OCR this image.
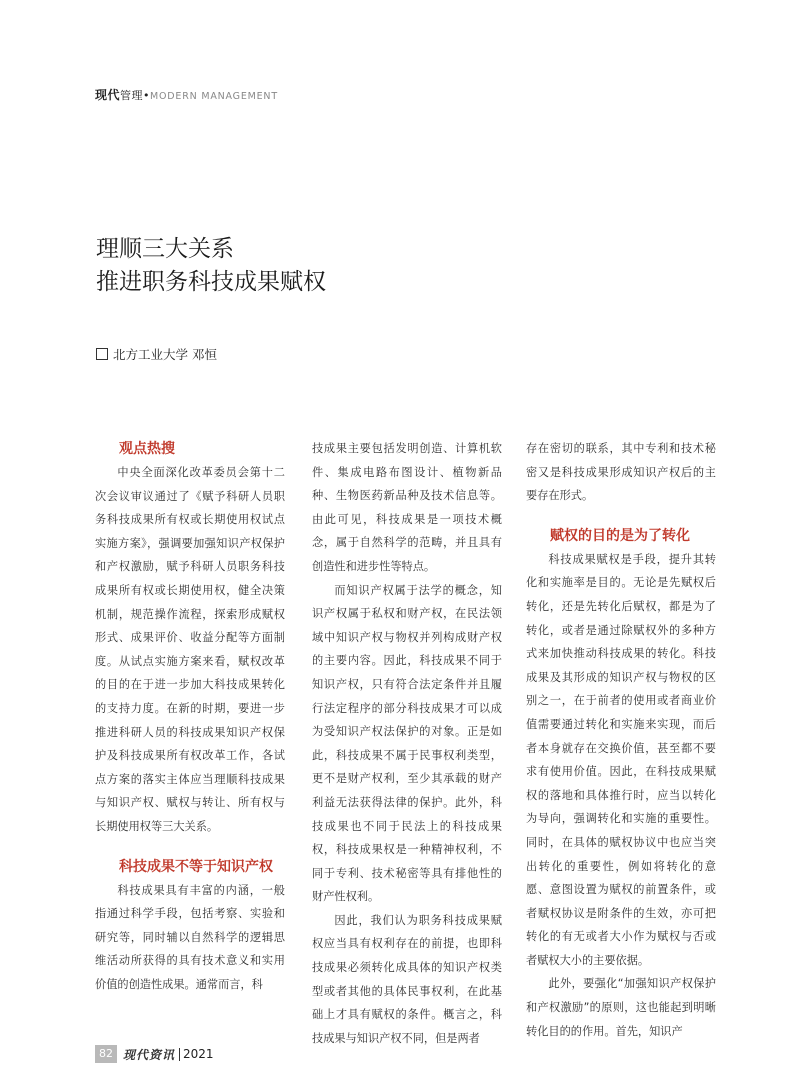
现代管理•MODERN MANAGEMENT
理顺三大关系
推进职务科技成果赋权
北方工业大学 邓恒
观点热搜

中央全面深化改革委员会第十二次会议审议通过了《赋予科研人员职务科技成果所有权或长期使用权试点实施方案》，强调要加强知识产权保护和产权激励，赋予科研人员职务科技成果所有权或长期使用权，健全决策机制，规范操作流程，探索形成赋权形式、成果评价、收益分配等方面制度。从试点实施方案来看，赋权改革的目的在于进一步加大科技成果转化的支持力度。在新的时期，要进一步推进科研人员的科技成果知识产权保护及科技成果所有权改革工作，各试点方案的落实主体应当理顺科技成果与知识产权、赋权与转让、所有权与长期使用权等三大关系。

科技成果不等于知识产权

科技成果具有丰富的内涵，一般指通过科学手段，包括考察、实验和研究等，同时辅以自然科学的逻辑思维活动所获得的具有技术意义和实用价值的创造性成果。通常而言，科

技成果主要包括发明创造、计算机软件、集成电路布图设计、植物新品种、生物医药新品种及技术信息等。由此可见，科技成果是一项技术概念，属于自然科学的范畴，并且具有创造性和进步性等特点。

而知识产权属于法学的概念，知识产权属于私权和财产权，在民法领域中知识产权与物权并列构成财产权的主要内容。因此，科技成果不同于知识产权，只有符合法定条件并且履行法定程序的部分科技成果才可以成为受知识产权法保护的对象。正是如此，科技成果不属于民事权利类型，更不是财产权利，至少其承载的财产利益无法获得法律的保护。此外，科技成果也不同于民法上的科技成果权，科技成果权是一种精神权利，不同于专利、技术秘密等具有排他性的财产性权利。

因此，我们认为职务科技成果赋权应当具有权利存在的前提，也即科技成果必须转化成具体的知识产权类型或者其他的具体民事权利，在此基础上才具有赋权的条件。概言之，科技成果与知识产权不同，但是两者

存在密切的联系，其中专利和技术秘密又是科技成果形成知识产权后的主要存在形式。

赋权的目的是为了转化

科技成果赋权是手段，提升其转化和实施率是目的。无论是先赋权后转化，还是先转化后赋权，都是为了转化，或者是通过除赋权外的多种方式来加快推动科技成果的转化。科技成果及其形成的知识产权与物权的区别之一，在于前者的使用或者商业价值需要通过转化和实施来实现，而后者本身就存在交换价值，甚至都不要求有使用价值。因此，在科技成果赋权的落地和具体推行时，应当以转化为导向，强调转化和实施的重要性。同时，在具体的赋权协议中也应当突出转化的重要性，例如将转化的意愿、意图设置为赋权的前置条件，或者赋权协议是附条件的生效，亦可把转化的有无或者大小作为赋权与否或者赋权大小的主要依据。

此外，要强化“加强知识产权保护和产权激励”的原则，这也能起到明晰转化目的的作用。首先，知识产

82 现代资讯 2021
